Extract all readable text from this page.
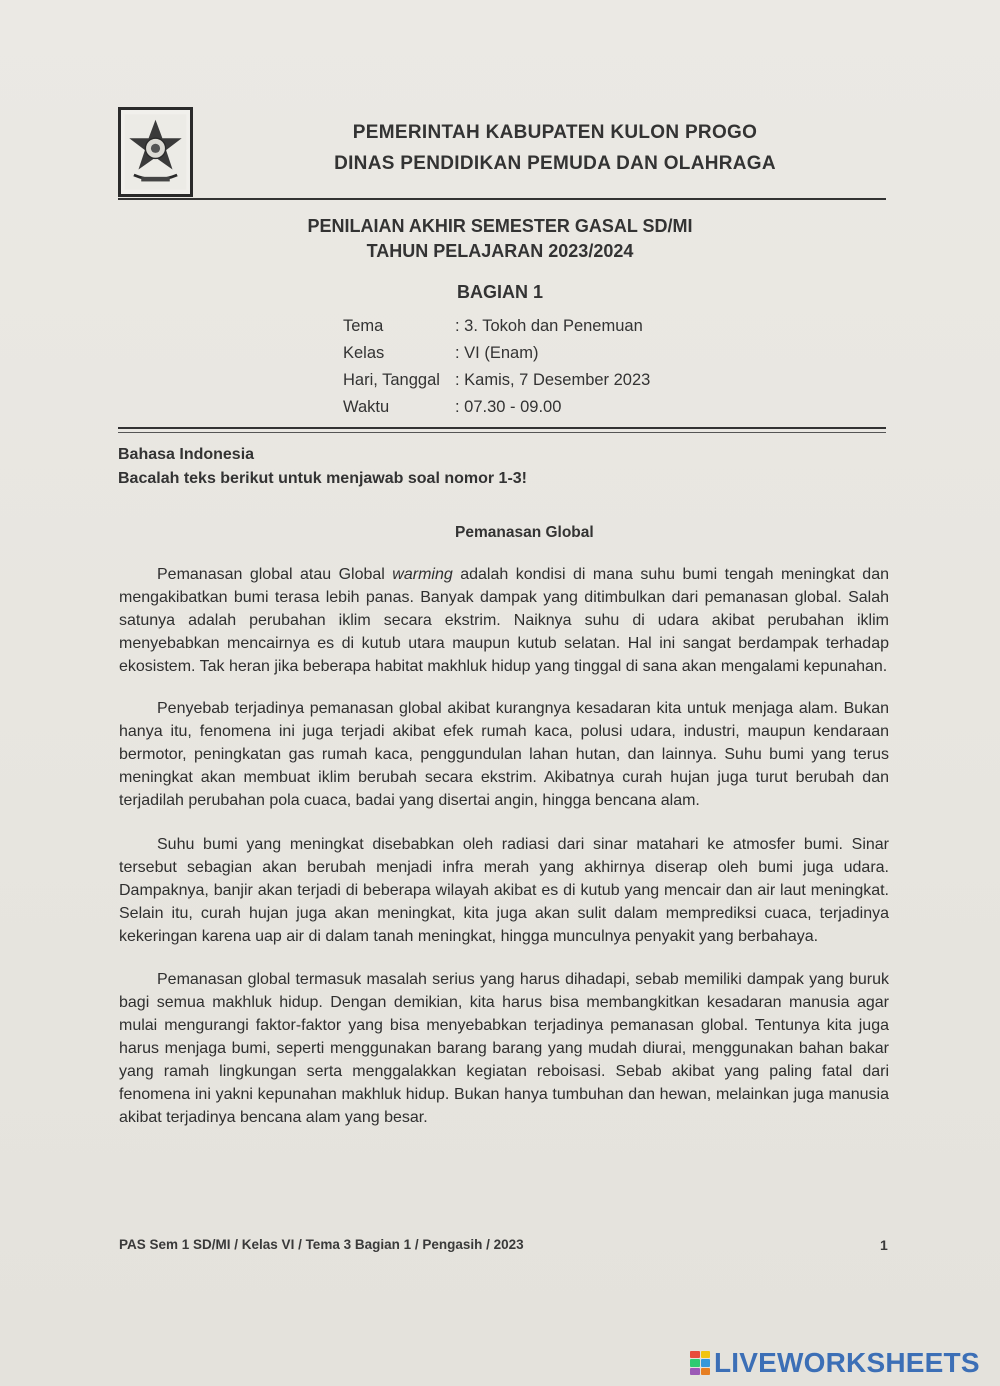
PEMERINTAH KABUPATEN KULON PROGO
DINAS PENDIDIKAN PEMUDA DAN OLAHRAGA
PENILAIAN AKHIR SEMESTER GASAL SD/MI
TAHUN PELAJARAN 2023/2024
BAGIAN 1
Tema	: 3. Tokoh dan Penemuan
Kelas	: VI (Enam)
Hari, Tanggal : Kamis, 7 Desember 2023
Waktu	: 07.30 - 09.00
Bahasa Indonesia
Bacalah teks berikut untuk menjawab soal nomor 1-3!
Pemanasan Global

Pemanasan global atau Global warming adalah kondisi di mana suhu bumi tengah meningkat dan mengakibatkan bumi terasa lebih panas. Banyak dampak yang ditimbulkan dari pemanasan global. Salah satunya adalah perubahan iklim secara ekstrim. Naiknya suhu di udara akibat perubahan iklim menyebabkan mencairnya es di kutub utara maupun kutub selatan. Hal ini sangat berdampak terhadap ekosistem. Tak heran jika beberapa habitat makhluk hidup yang tinggal di sana akan mengalami kepunahan.

Penyebab terjadinya pemanasan global akibat kurangnya kesadaran kita untuk menjaga alam. Bukan hanya itu, fenomena ini juga terjadi akibat efek rumah kaca, polusi udara, industri, maupun kendaraan bermotor, peningkatan gas rumah kaca, penggundulan lahan hutan, dan lainnya. Suhu bumi yang terus meningkat akan membuat iklim berubah secara ekstrim. Akibatnya curah hujan juga turut berubah dan terjadilah perubahan pola cuaca, badai yang disertai angin, hingga bencana alam.

Suhu bumi yang meningkat disebabkan oleh radiasi dari sinar matahari ke atmosfer bumi. Sinar tersebut sebagian akan berubah menjadi infra merah yang akhirnya diserap oleh bumi juga udara. Dampaknya, banjir akan terjadi di beberapa wilayah akibat es di kutub yang mencair dan air laut meningkat. Selain itu, curah hujan juga akan meningkat, kita juga akan sulit dalam memprediksi cuaca, terjadinya kekeringan karena uap air di dalam tanah meningkat, hingga munculnya penyakit yang berbahaya.

Pemanasan global termasuk masalah serius yang harus dihadapi, sebab memiliki dampak yang buruk bagi semua makhluk hidup. Dengan demikian, kita harus bisa membangkitkan kesadaran manusia agar mulai mengurangi faktor-faktor yang bisa menyebabkan terjadinya pemanasan global. Tentunya kita juga harus menjaga bumi, seperti menggunakan barang barang yang mudah diurai, menggunakan bahan bakar yang ramah lingkungan serta menggalakkan kegiatan reboisasi. Sebab akibat yang paling fatal dari fenomena ini yakni kepunahan makhluk hidup. Bukan hanya tumbuhan dan hewan, melainkan juga manusia akibat terjadinya bencana alam yang besar.

PAS Sem 1 SD/MI / Kelas VI / Tema 3 Bagian 1 / Pengasih / 2023	1
LIVEWORKSHEETS
